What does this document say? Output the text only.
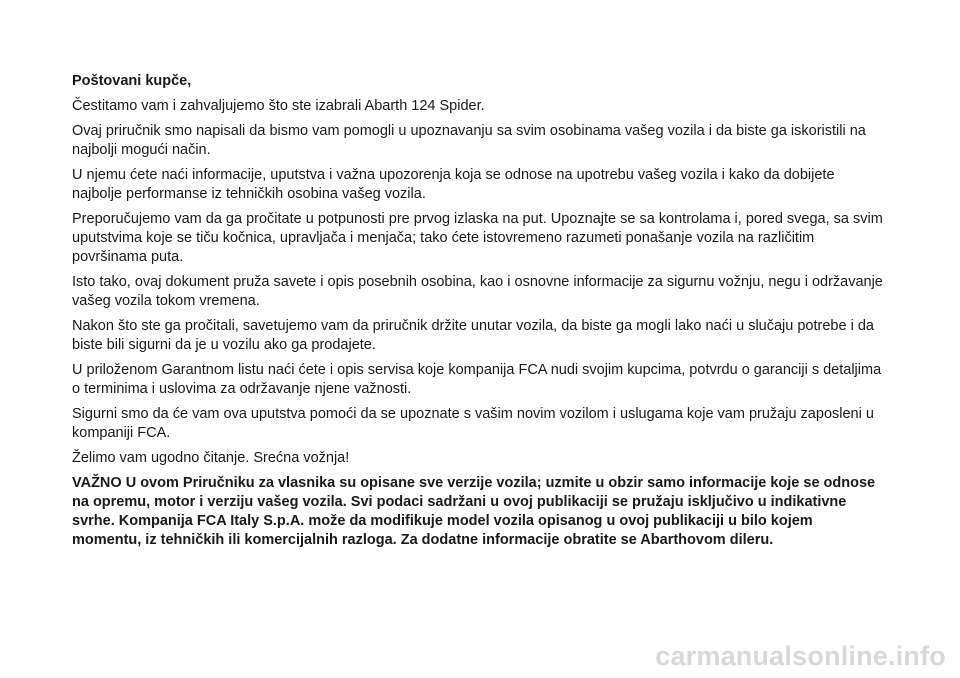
Poštovani kupče,

Čestitamo vam i zahvaljujemo što ste izabrali Abarth 124 Spider.

Ovaj priručnik smo napisali da bismo vam pomogli u upoznavanju sa svim osobinama vašeg vozila i da biste ga iskoristili na najbolji mogući način.

U njemu ćete naći informacije, uputstva i važna upozorenja koja se odnose na upotrebu vašeg vozila i kako da dobijete najbolje performanse iz tehničkih osobina vašeg vozila.

Preporučujemo vam da ga pročitate u potpunosti pre prvog izlaska na put. Upoznajte se sa kontrolama i, pored svega, sa svim uputstvima koje se tiču kočnica, upravljača i menjača; tako ćete istovremeno razumeti ponašanje vozila na različitim površinama puta.

Isto tako, ovaj dokument pruža savete i opis posebnih osobina, kao i osnovne informacije za sigurnu vožnju, negu i održavanje vašeg vozila tokom vremena.

Nakon što ste ga pročitali, savetujemo vam da priručnik držite unutar vozila, da biste ga mogli lako naći u slučaju potrebe i da biste bili sigurni da je u vozilu ako ga prodajete.

U priloženom Garantnom listu naći ćete i opis servisa koje kompanija FCA nudi svojim kupcima, potvrdu o garanciji s detaljima o terminima i uslovima za održavanje njene važnosti.

Sigurni smo da će vam ova uputstva pomoći da se upoznate s vašim novim vozilom i uslugama koje vam pružaju zaposleni u kompaniji FCA.

Želimo vam ugodno čitanje. Srećna vožnja!

VAŽNO U ovom Priručniku za vlasnika su opisane sve verzije vozila; uzmite u obzir samo informacije koje se odnose na opremu, motor i verziju vašeg vozila. Svi podaci sadržani u ovoj publikaciji se pružaju isključivo u indikativne svrhe. Kompanija FCA Italy S.p.A. može da modifikuje model vozila opisanog u ovoj publikaciji u bilo kojem momentu, iz tehničkih ili komercijalnih razloga. Za dodatne informacije obratite se Abarthovom dileru.

carmanualsonline.info
